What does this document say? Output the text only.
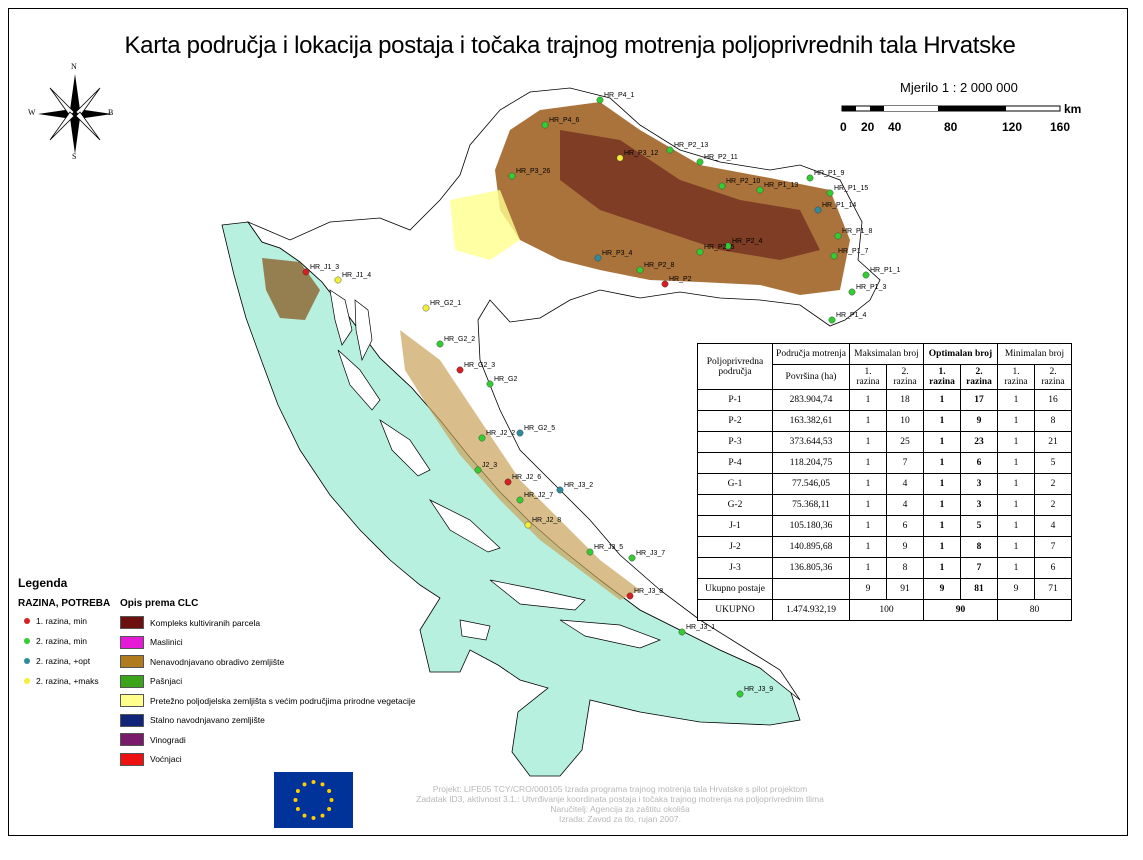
Karta područja i lokacija postaja i točaka trajnog motrenja poljoprivrednih tala Hrvatske
HR_P4_1
HR_P4_6
HR_P3_12
HR_P2_13
HR_P2_11
HR_P3_26
HR_P2_10
HR_P1_13
HR_P1_9
HR_P1_15
HR_P1_14
HR_P1_8
HR_P2_4
HR_P2_5
HR_P3_4
HR_P2_8
HR_P2
HR_P1_7
HR_P1_1
HR_P1_3
HR_P1_4
HR_J1_3
HR_J1_4
HR_G2_1
HR_G2_2
HR_G2_3
HR_G2
HR_J2_2
HR_G2_5
J2_3
HR_J2_6
HR_J2_7
HR_J3_2
HR_J2_8
HR_J3_5
HR_J3_7
HR_J3_8
HR_J3_1
HR_J3_9
N
S
W	B
Mjerilo 1 : 2 000 000
0 20 40	80	120 160
km
Poljoprivredna područja	Područja motrenja	Maksimalan broj		Optimalan broj		Minimalan broj	
	Površina (ha)	1. razina	2. razina	1. razina	2. razina	1. razina	2. razina
P-1	283.904,74	1	18	1	17	1	16
P-2	163.382,61	1	10	1	9	1	8
P-3	373.644,53	1	25	1	23	1	21
P-4	118.204,75	1	7	1	6	1	5
G-1	77.546,05	1	4	1	3	1	2
G-2	75.368,11	1	4	1	3	1	2
J-1	105.180,36	1	6	1	5	1	4
J-2	140.895,68	1	9	1	8	1	7
J-3	136.805,36	1	8	1	7	1	6
Ukupno postaje		9	91	9	81	9	71
UKUPNO	1.474.932,19	100		90		80	
Legenda
RAZINA, POTREBA Opis prema CLC
1. razina, min
2. razina, min
2. razina, +opt
2. razina, +maks
Kompleks kultiviranih parcela
Maslinici
Nenavodnjavano obradivo zemljište
Pašnjaci
Pretežno poljodjelska zemljišta s većim područjima prirodne vegetacije
Stalno navodnjavano zemljište
Vinogradi
Voćnjaci
Projekt: LIFE05 TCY/CRO/000105 Izrada programa trajnog motrenja tala Hrvatske s pilot projektom
Zadatak ID3, aktivnost 3.1.: Utvrđivanje koordinata postaja i točaka trajnog motrenja na poljoprivrednim tlima
Naručitelj: Agencija za zaštitu okoliša
Izrada: Zavod za tlo, rujan 2007.
